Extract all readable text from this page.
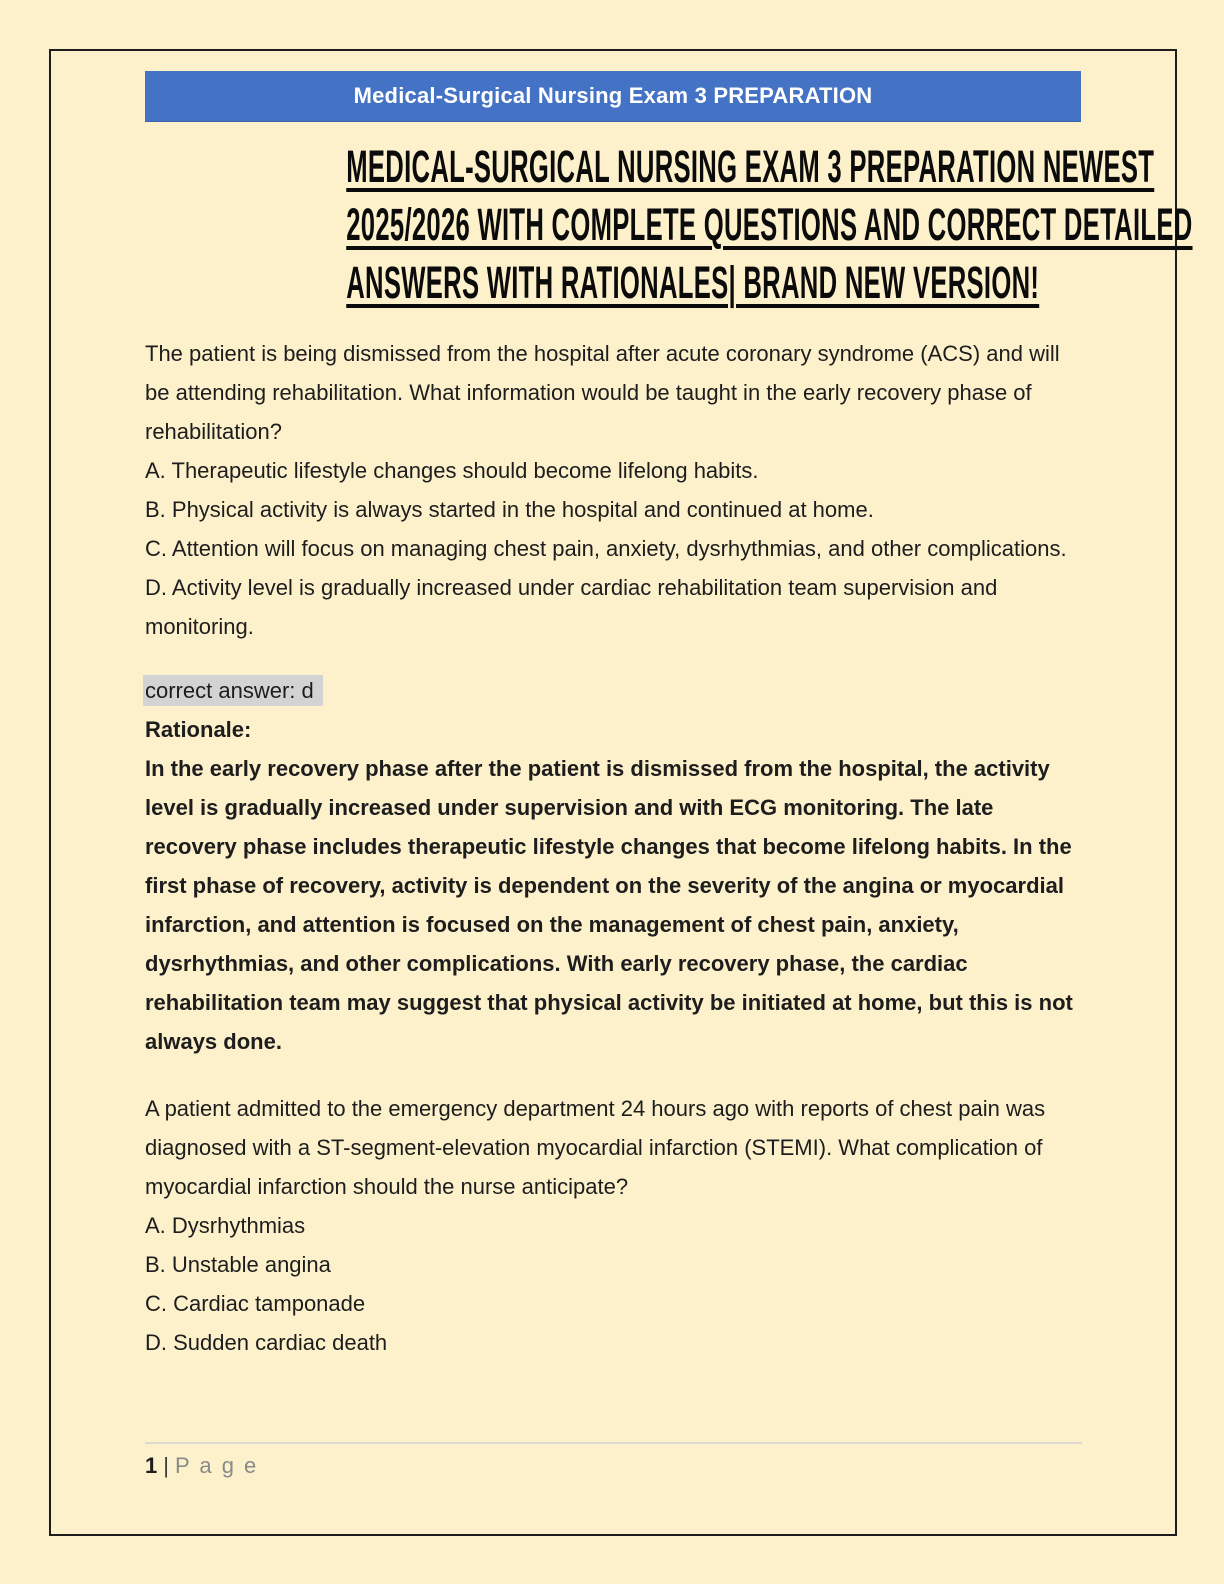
Medical-Surgical Nursing Exam 3 PREPARATION
MEDICAL-SURGICAL NURSING EXAM 3 PREPARATION NEWEST
2025/2026 WITH COMPLETE QUESTIONS AND CORRECT DETAILED
ANSWERS WITH RATIONALES| BRAND NEW VERSION!

The patient is being dismissed from the hospital after acute coronary syndrome (ACS) and will be attending rehabilitation. What information would be taught in the early recovery phase of rehabilitation?

A. Therapeutic lifestyle changes should become lifelong habits.
B. Physical activity is always started in the hospital and continued at home.
C. Attention will focus on managing chest pain, anxiety, dysrhythmias, and other complications.
D. Activity level is gradually increased under cardiac rehabilitation team supervision and monitoring.
correct answer: d
Rationale:
In the early recovery phase after the patient is dismissed from the hospital, the activity level is gradually increased under supervision and with ECG monitoring. The late recovery phase includes therapeutic lifestyle changes that become lifelong habits. In the first phase of recovery, activity is dependent on the severity of the angina or myocardial infarction, and attention is focused on the management of chest pain, anxiety, dysrhythmias, and other complications. With early recovery phase, the cardiac rehabilitation team may suggest that physical activity be initiated at home, but this is not always done.

A patient admitted to the emergency department 24 hours ago with reports of chest pain was diagnosed with a ST-segment-elevation myocardial infarction (STEMI). What complication of myocardial infarction should the nurse anticipate?

A. Dysrhythmias
B. Unstable angina
C. Cardiac tamponade
D. Sudden cardiac death
1 | P a g e
